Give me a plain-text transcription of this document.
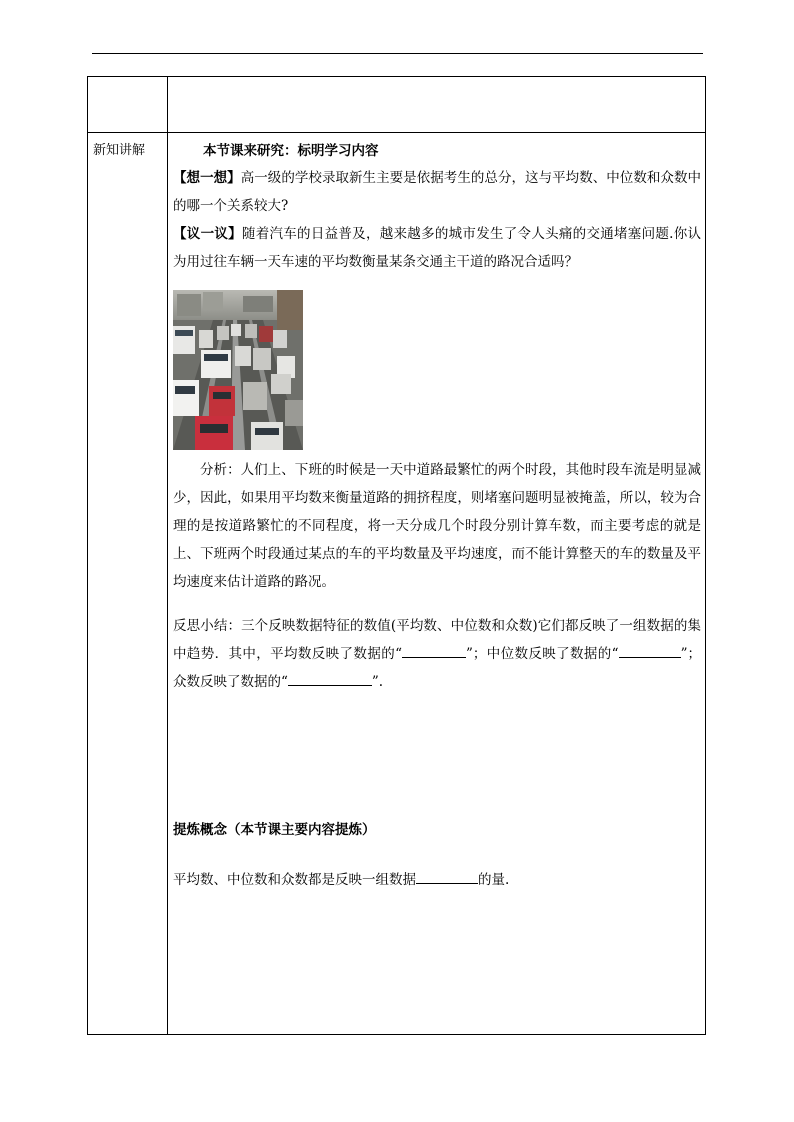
新知讲解	本节课来研究：标明学习内容

【想一想】高一级的学校录取新生主要是依据考生的总分，这与平均数、中位数和众数中的哪一个关系较大?

【议一议】随着汽车的日益普及，越来越多的城市发生了令人头痛的交通堵塞问题.你认为用过往车辆一天车速的平均数衡量某条交通主干道的路况合适吗？

分析：人们上、下班的时候是一天中道路最繁忙的两个时段，其他时段车流是明显减少，因此，如果用平均数来衡量道路的拥挤程度，则堵塞问题明显被掩盖，所以，较为合理的是按道路繁忙的不同程度，将一天分成几个时段分别计算车数，而主要考虑的就是上、下班两个时段通过某点的车的平均数量及平均速度，而不能计算整天的车的数量及平均速度来估计道路的路况。

反思小结：三个反映数据特征的数值(平均数、中位数和众数)它们都反映了一组数据的集中趋势．其中，平均数反映了数据的“	”；中位数反映了数据的“	”；众数反映了数据的“	”.

提炼概念（本节课主要内容提炼）

平均数、中位数和众数都是反映一组数据	的量.
